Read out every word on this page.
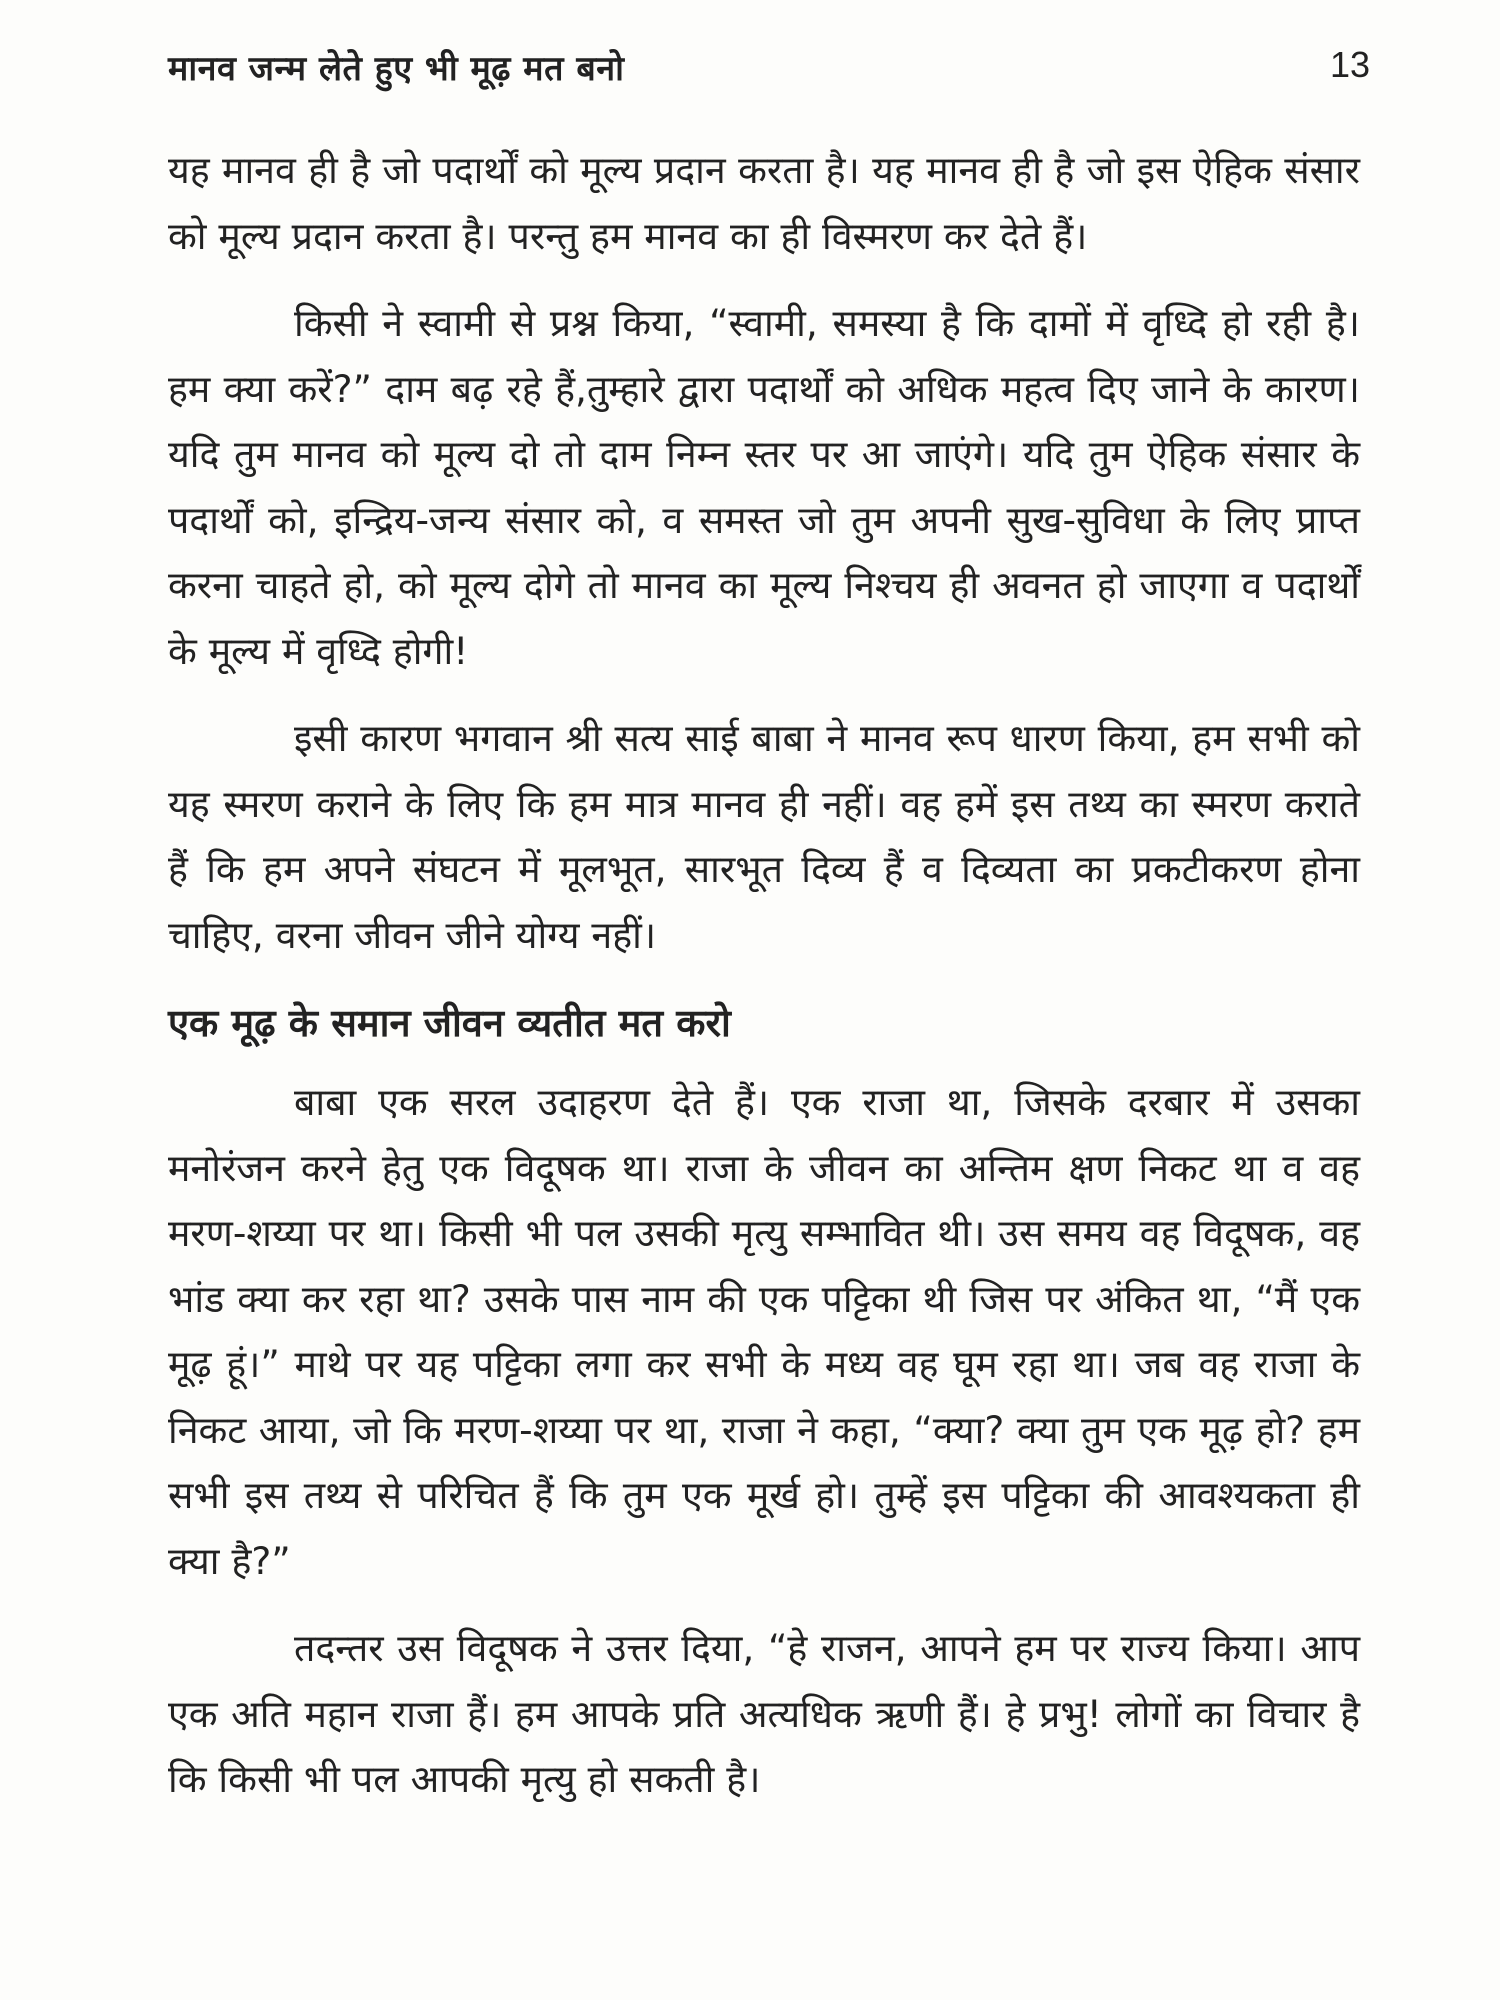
मानव जन्म लेते हुए भी मूढ़ मत बनो	13

यह मानव ही है जो पदार्थों को मूल्य प्रदान करता है। यह मानव ही है जो इस ऐहिक संसार को मूल्य प्रदान करता है। परन्तु हम मानव का ही विस्मरण कर देते हैं।

किसी ने स्वामी से प्रश्न किया, “स्वामी, समस्या है कि दामों में वृध्दि हो रही है। हम क्या करें?” दाम बढ़ रहे हैं,तुम्हारे द्वारा पदार्थों को अधिक महत्व दिए जाने के कारण। यदि तुम मानव को मूल्य दो तो दाम निम्न स्तर पर आ जाएंगे। यदि तुम ऐहिक संसार के पदार्थों को, इन्द्रिय-जन्य संसार को, व समस्त जो तुम अपनी सुख-सुविधा के लिए प्राप्त करना चाहते हो, को मूल्य दोगे तो मानव का मूल्य निश्चय ही अवनत हो जाएगा व पदार्थों के मूल्य में वृध्दि होगी!

इसी कारण भगवान श्री सत्य साई बाबा ने मानव रूप धारण किया, हम सभी को यह स्मरण कराने के लिए कि हम मात्र मानव ही नहीं। वह हमें इस तथ्य का स्मरण कराते हैं कि हम अपने संघटन में मूलभूत, सारभूत दिव्य हैं व दिव्यता का प्रकटीकरण होना चाहिए, वरना जीवन जीने योग्य नहीं।

एक मूढ़ के समान जीवन व्यतीत मत करो

बाबा एक सरल उदाहरण देते हैं। एक राजा था, जिसके दरबार में उसका मनोरंजन करने हेतु एक विदूषक था। राजा के जीवन का अन्तिम क्षण निकट था व वह मरण-शय्या पर था। किसी भी पल उसकी मृत्यु सम्भावित थी। उस समय वह विदूषक, वह भांड क्या कर रहा था? उसके पास नाम की एक पट्टिका थी जिस पर अंकित था, “मैं एक मूढ़ हूं।” माथे पर यह पट्टिका लगा कर सभी के मध्य वह घूम रहा था। जब वह राजा के निकट आया, जो कि मरण-शय्या पर था, राजा ने कहा, “क्या? क्या तुम एक मूढ़ हो? हम सभी इस तथ्य से परिचित हैं कि तुम एक मूर्ख हो। तुम्हें इस पट्टिका की आवश्यकता ही क्या है?”

तदन्तर उस विदूषक ने उत्तर दिया, “हे राजन, आपने हम पर राज्य किया। आप एक अति महान राजा हैं। हम आपके प्रति अत्यधिक ऋणी हैं। हे प्रभु! लोगों का विचार है कि किसी भी पल आपकी मृत्यु हो सकती है।
